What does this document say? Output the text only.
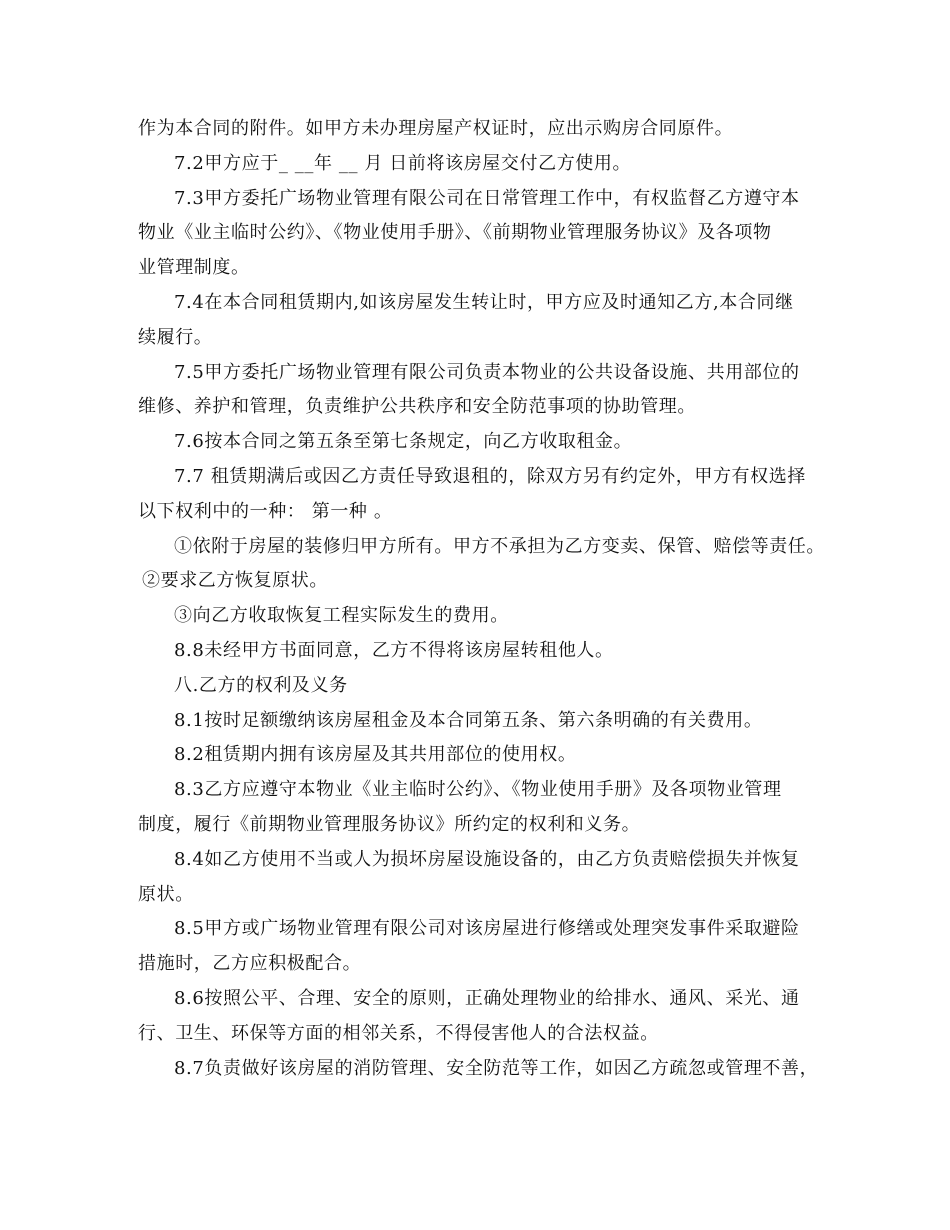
作为本合同的附件。如甲方未办理房屋产权证时，应出示购房合同原件。

7.2甲方应于_ __年 __ 月 日前将该房屋交付乙方使用。

7.3甲方委托广场物业管理有限公司在日常管理工作中，有权监督乙方遵守本

物业《业主临时公约》、《物业使用手册》、《前期物业管理服务协议》及各项物

业管理制度。

7.4在本合同租赁期内,如该房屋发生转让时，甲方应及时通知乙方,本合同继

续履行。

7.5甲方委托广场物业管理有限公司负责本物业的公共设备设施、共用部位的

维修、养护和管理，负责维护公共秩序和安全防范事项的协助管理。

7.6按本合同之第五条至第七条规定，向乙方收取租金。

7.7 租赁期满后或因乙方责任导致退租的，除双方另有约定外，甲方有权选择

以下权利中的一种： 第一种 。

①依附于房屋的装修归甲方所有。甲方不承担为乙方变卖、保管、赔偿等责任。

②要求乙方恢复原状。

③向乙方收取恢复工程实际发生的费用。

8.8未经甲方书面同意，乙方不得将该房屋转租他人。

八.乙方的权利及义务

8.1按时足额缴纳该房屋租金及本合同第五条、第六条明确的有关费用。

8.2租赁期内拥有该房屋及其共用部位的使用权。

8.3乙方应遵守本物业《业主临时公约》、《物业使用手册》及各项物业管理

制度，履行《前期物业管理服务协议》所约定的权利和义务。

8.4如乙方使用不当或人为损坏房屋设施设备的，由乙方负责赔偿损失并恢复

原状。

8.5甲方或广场物业管理有限公司对该房屋进行修缮或处理突发事件采取避险

措施时，乙方应积极配合。

8.6按照公平、合理、安全的原则，正确处理物业的给排水、通风、采光、通

行、卫生、环保等方面的相邻关系，不得侵害他人的合法权益。

8.7负责做好该房屋的消防管理、安全防范等工作，如因乙方疏忽或管理不善，
